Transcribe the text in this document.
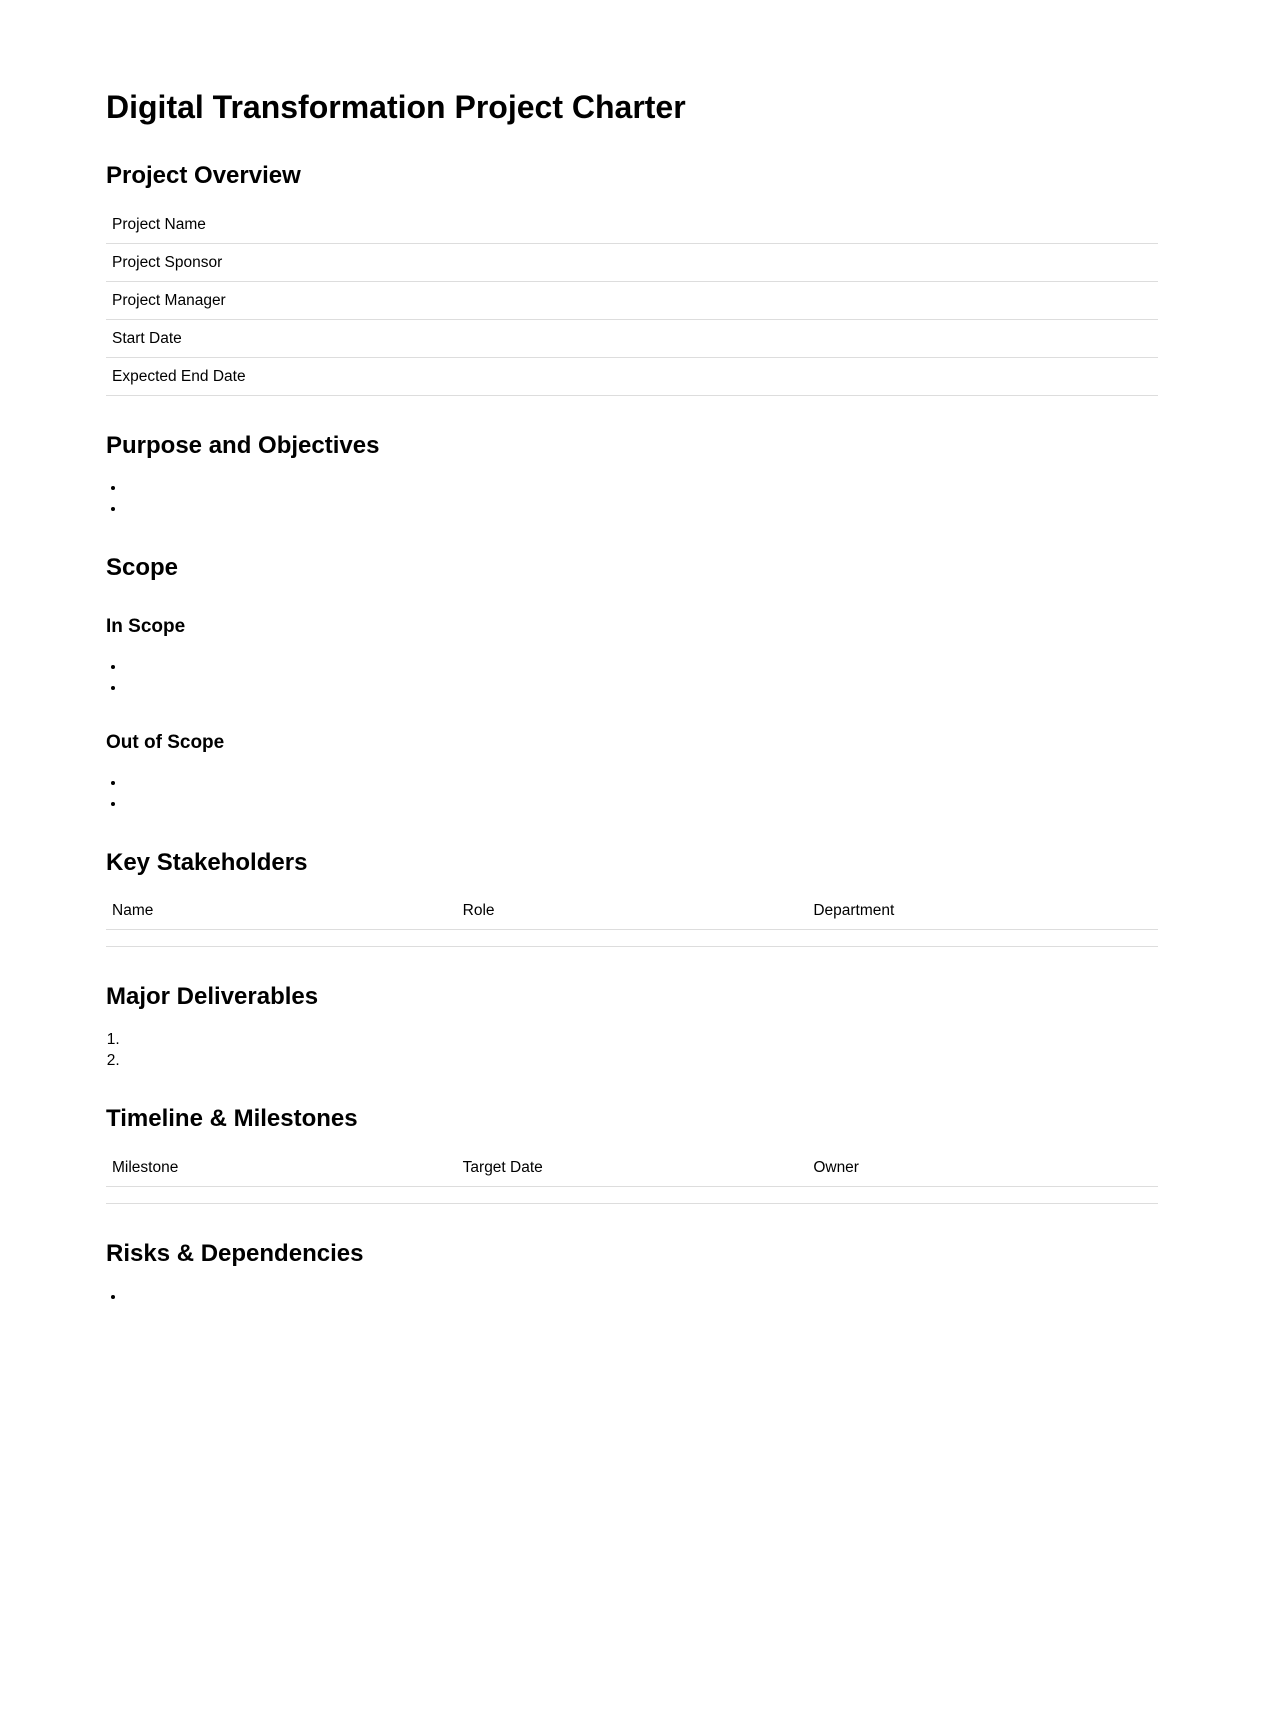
Digital Transformation Project Charter
Project Overview
Project Name
Project Sponsor
Project Manager
Start Date
Expected End Date
Purpose and Objectives
Scope
In Scope
Out of Scope
Key Stakeholders
Name	Role	Department

Major Deliverables
Timeline & Milestones
Milestone	Target Date	Owner

Risks & Dependencies
